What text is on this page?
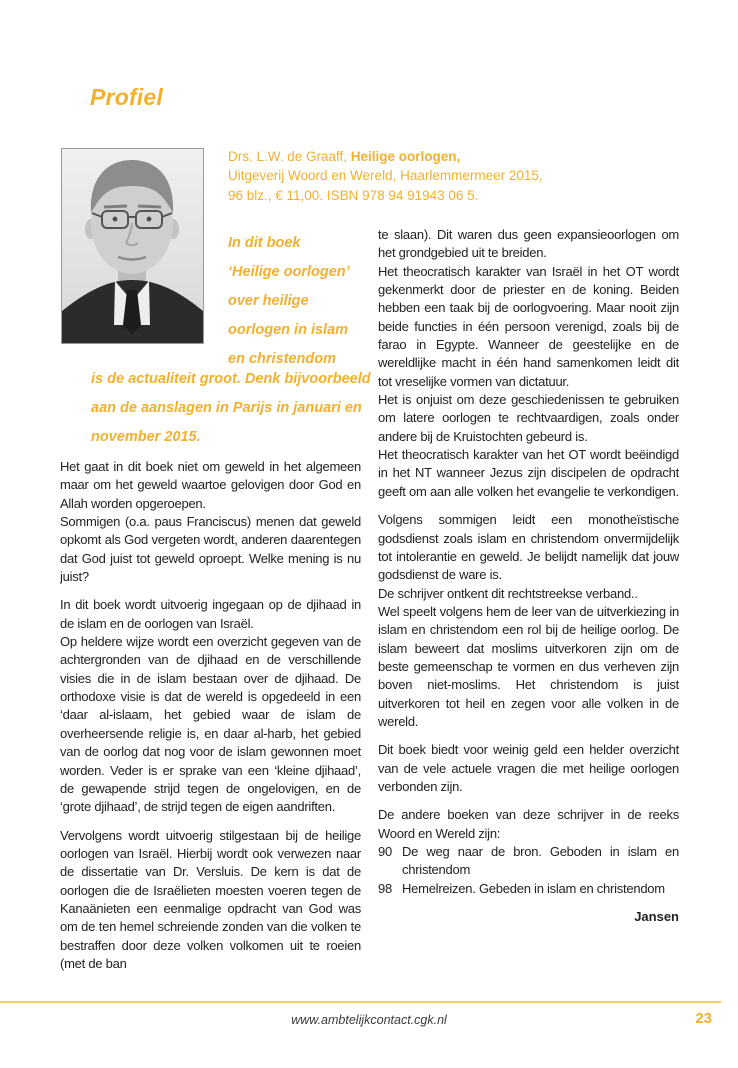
Profiel
Drs. L.W. de Graaff, Heilige oorlogen,
Uitgeverij Woord en Wereld, Haarlemmermeer 2015,
96 blz., € 11,00. ISBN 978 94 91943 06 5.
In dit boek
‘Heilige oorlogen’
over heilige
oorlogen in islam
en christendom
is de actualiteit groot. Denk bijvoorbeeld
aan de aanslagen in Parijs in januari en
november 2015.

Het gaat in dit boek niet om geweld in het algemeen maar om het geweld waartoe gelovigen door God en Allah worden opgeroepen.

Sommigen (o.a. paus Franciscus) menen dat geweld opkomt als God vergeten wordt, anderen daarentegen dat God juist tot geweld oproept. Welke mening is nu juist?

In dit boek wordt uitvoerig ingegaan op de djihaad in de islam en de oorlogen van Israël.

Op heldere wijze wordt een overzicht gegeven van de achtergronden van de djihaad en de verschillende visies die in de islam bestaan over de djihaad. De orthodoxe visie is dat de wereld is opgedeeld in een ‘daar al-islaam, het gebied waar de islam de overheersende religie is, en daar al-harb, het gebied van de oorlog dat nog voor de islam gewonnen moet worden. Veder is er sprake van een ‘kleine djihaad’, de gewapende strijd tegen de ongelovigen, en de ‘grote djihaad’, de strijd tegen de eigen aandriften.

Vervolgens wordt uitvoerig stilgestaan bij de heilige oorlogen van Israël. Hierbij wordt ook verwezen naar de dissertatie van Dr. Versluis. De kern is dat de oorlogen die de Israëlieten moesten voeren tegen de Kanaänieten een eenmalige opdracht van God was om de ten hemel schreiende zonden van die volken te bestraffen door deze volken volkomen uit te roeien (met de ban

te slaan). Dit waren dus geen expansieoorlogen om het grondgebied uit te breiden.

Het theocratisch karakter van Israël in het OT wordt gekenmerkt door de priester en de koning. Beiden hebben een taak bij de oorlogvoering. Maar nooit zijn beide functies in één persoon verenigd, zoals bij de farao in Egypte. Wanneer de geestelijke en de wereldlijke macht in één hand samenkomen leidt dit tot vreselijke vormen van dictatuur.

Het is onjuist om deze geschiedenissen te gebruiken om latere oorlogen te rechtvaardigen, zoals onder andere bij de Kruistochten gebeurd is.

Het theocratisch karakter van het OT wordt beëindigd in het NT wanneer Jezus zijn discipelen de opdracht geeft om aan alle volken het evangelie te verkondigen.

Volgens sommigen leidt een monotheïstische godsdienst zoals islam en christendom onvermijdelijk tot intolerantie en geweld. Je belijdt namelijk dat jouw godsdienst de ware is.

De schrijver ontkent dit rechtstreekse verband..

Wel speelt volgens hem de leer van de uitverkiezing in islam en christendom een rol bij de heilige oorlog. De islam beweert dat moslims uitverkoren zijn om de beste gemeenschap te vormen en dus verheven zijn boven niet-moslims. Het christendom is juist uitverkoren tot heil en zegen voor alle volken in de wereld.

Dit boek biedt voor weinig geld een helder overzicht van de vele actuele vragen die met heilige oorlogen verbonden zijn.

De andere boeken van deze schrijver in de reeks Woord en Wereld zijn:

90 De weg naar de bron. Geboden in islam en christendom
98 Hemelreizen. Gebeden in islam en christendom
Jansen
www.ambtelijkcontact.cgk.nl	23
